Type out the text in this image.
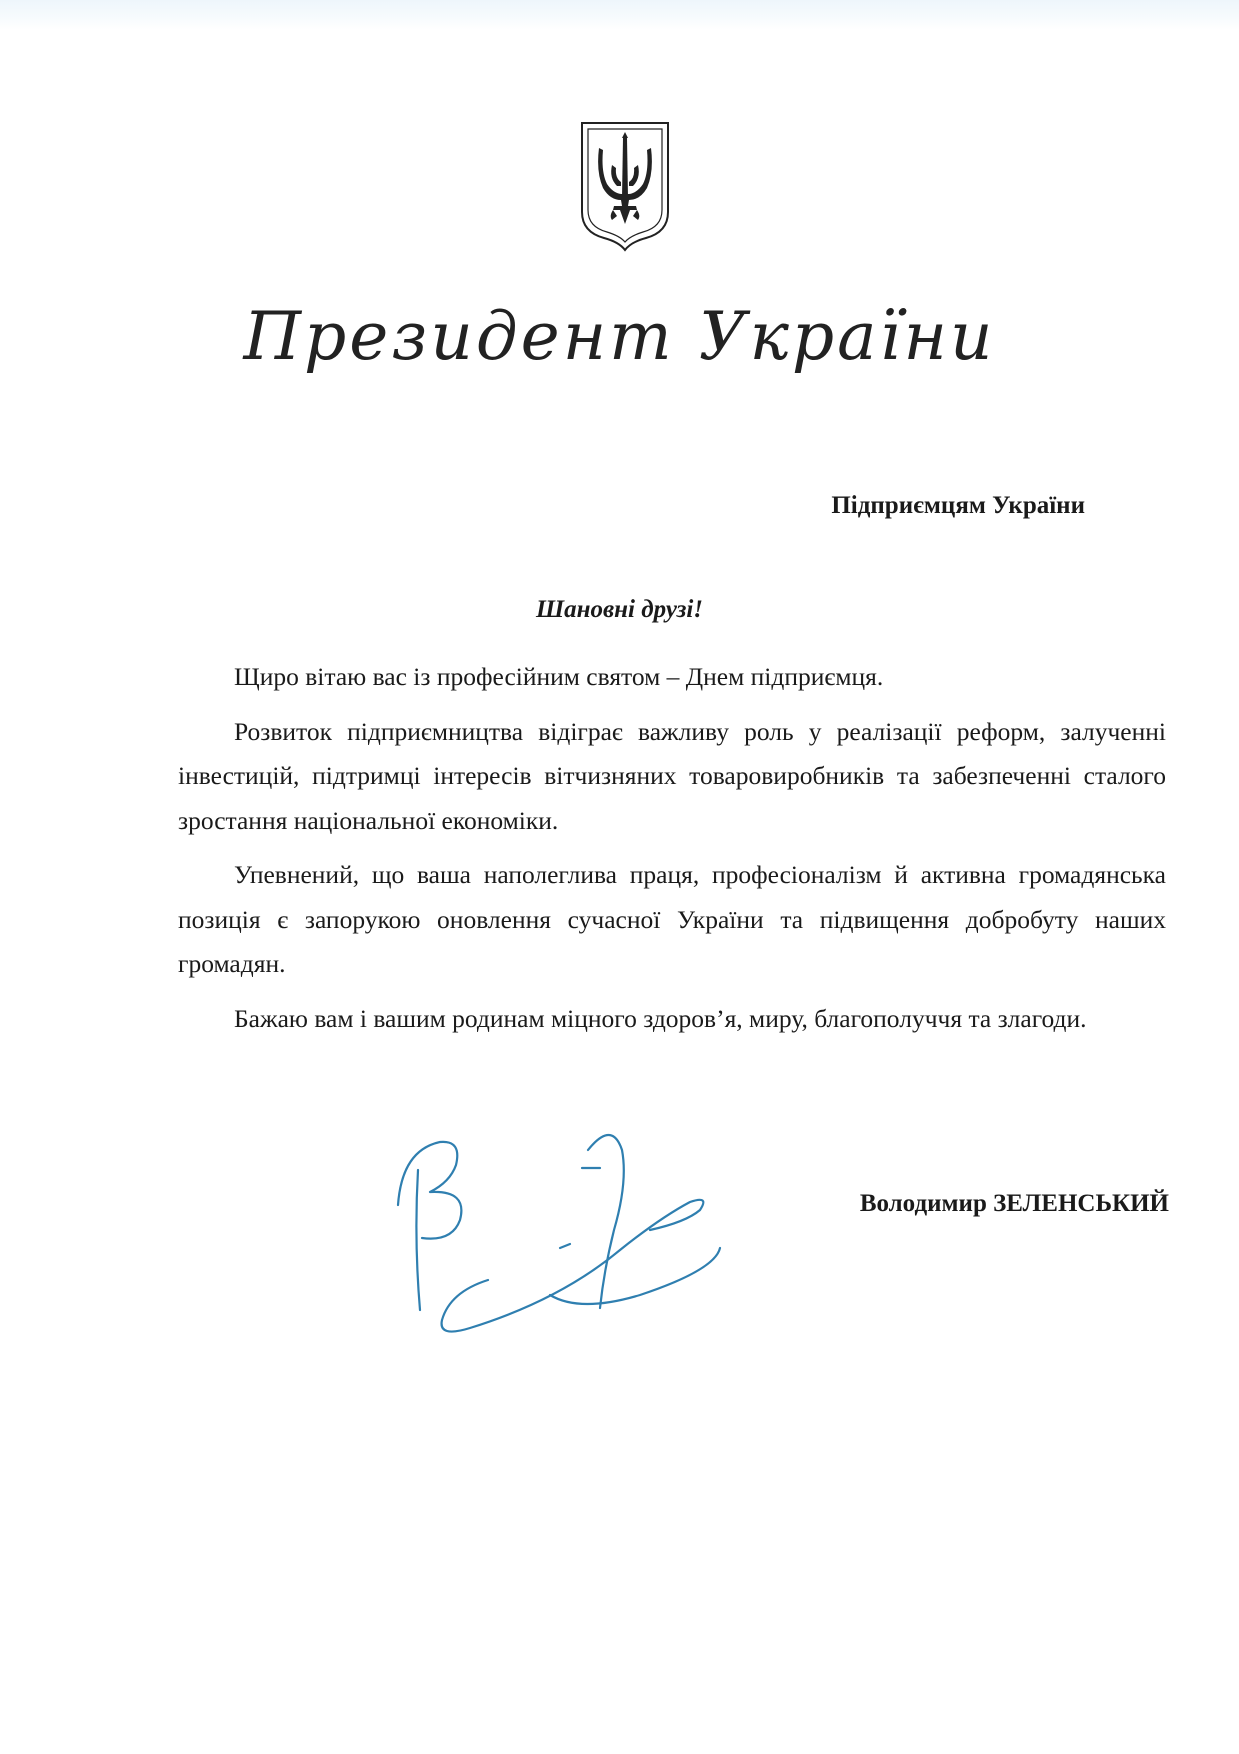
Президент України
Підприємцям України
Шановні друзі!

Щиро вітаю вас із професійним святом – Днем підприємця.

Розвиток підприємництва відіграє важливу роль у реалізації реформ, залученні інвестицій, підтримці інтересів вітчизняних товаровиробників та забезпеченні сталого зростання національної економіки.

Упевнений, що ваша наполеглива праця, професіоналізм й активна громадянська позиція є запорукою оновлення сучасної України та підвищення добробуту наших громадян.

Бажаю вам і вашим родинам міцного здоров’я, миру, благополуччя та злагоди.

Володимир ЗЕЛЕНСЬКИЙ
